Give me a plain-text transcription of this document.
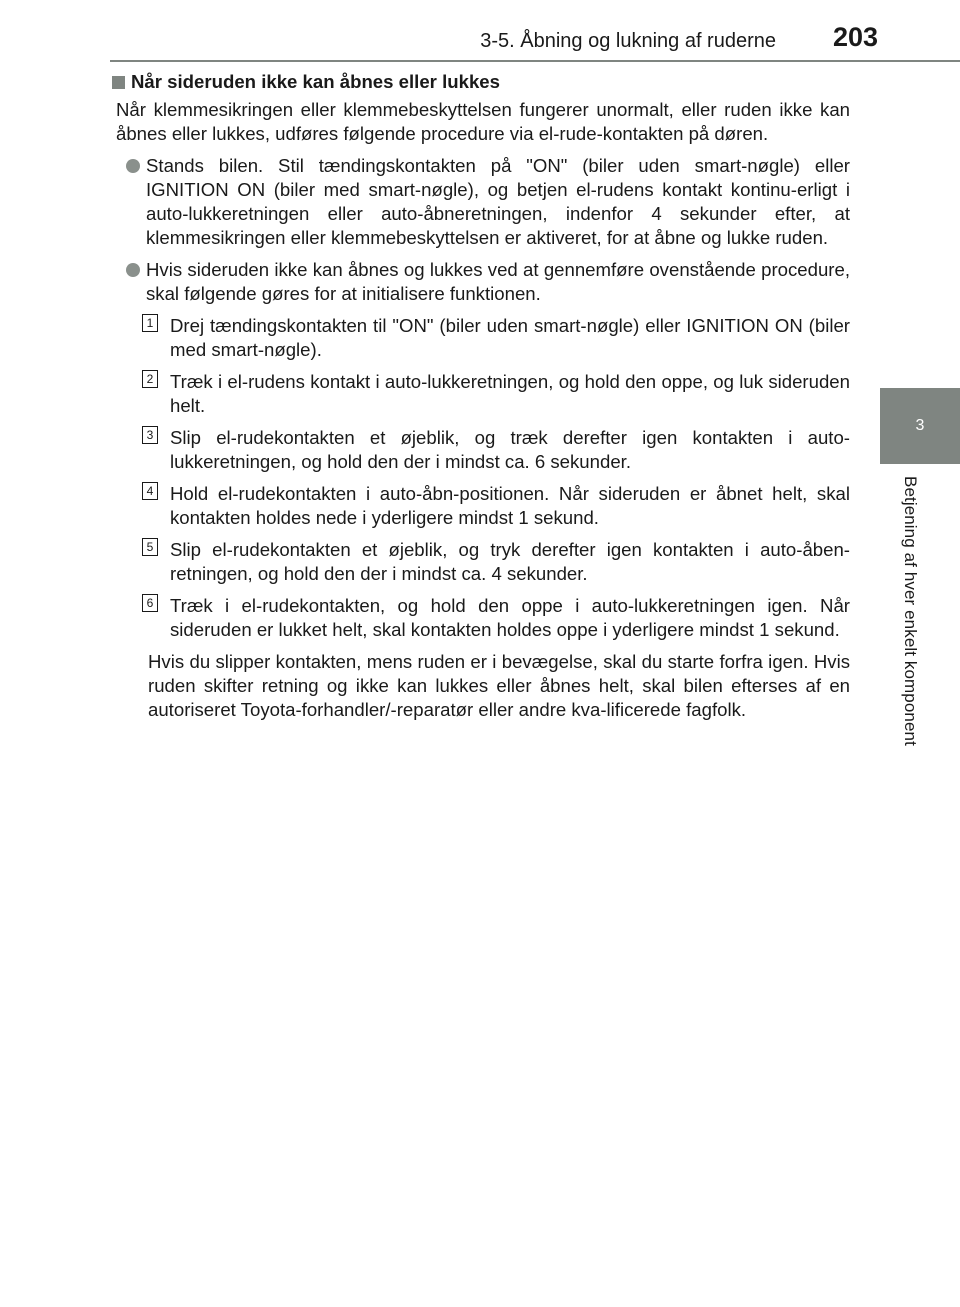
3-5. Åbning og lukning af ruderne 203
3
Betjening af hver enkelt komponent
Når sideruden ikke kan åbnes eller lukkes
Når klemmesikringen eller klemmebeskyttelsen fungerer unormalt, eller ruden ikke kan åbnes eller lukkes, udføres følgende procedure via el-rude-kontakten på døren.
Stands bilen. Stil tændingskontakten på "ON" (biler uden smart-nøgle) eller IGNITION ON (biler med smart-nøgle), og betjen el-rudens kontakt kontinu-erligt i auto-lukkeretningen eller auto-åbneretningen, indenfor 4 sekunder efter, at klemmesikringen eller klemmebeskyttelsen er aktiveret, for at åbne og lukke ruden.
Hvis sideruden ikke kan åbnes og lukkes ved at gennemføre ovenstående procedure, skal følgende gøres for at initialisere funktionen.
1 Drej tændingskontakten til "ON" (biler uden smart-nøgle) eller IGNITION ON (biler med smart-nøgle).
2 Træk i el-rudens kontakt i auto-lukkeretningen, og hold den oppe, og luk sideruden helt.
3 Slip el-rudekontakten et øjeblik, og træk derefter igen kontakten i auto-lukkeretningen, og hold den der i mindst ca. 6 sekunder.
4 Hold el-rudekontakten i auto-åbn-positionen. Når sideruden er åbnet helt, skal kontakten holdes nede i yderligere mindst 1 sekund.
5 Slip el-rudekontakten et øjeblik, og tryk derefter igen kontakten i auto-åben-retningen, og hold den der i mindst ca. 4 sekunder.
6 Træk i el-rudekontakten, og hold den oppe i auto-lukkeretningen igen. Når sideruden er lukket helt, skal kontakten holdes oppe i yderligere mindst 1 sekund.
Hvis du slipper kontakten, mens ruden er i bevægelse, skal du starte forfra igen. Hvis ruden skifter retning og ikke kan lukkes eller åbnes helt, skal bilen efterses af en autoriseret Toyota-forhandler/-reparatør eller andre kva-lificerede fagfolk.
